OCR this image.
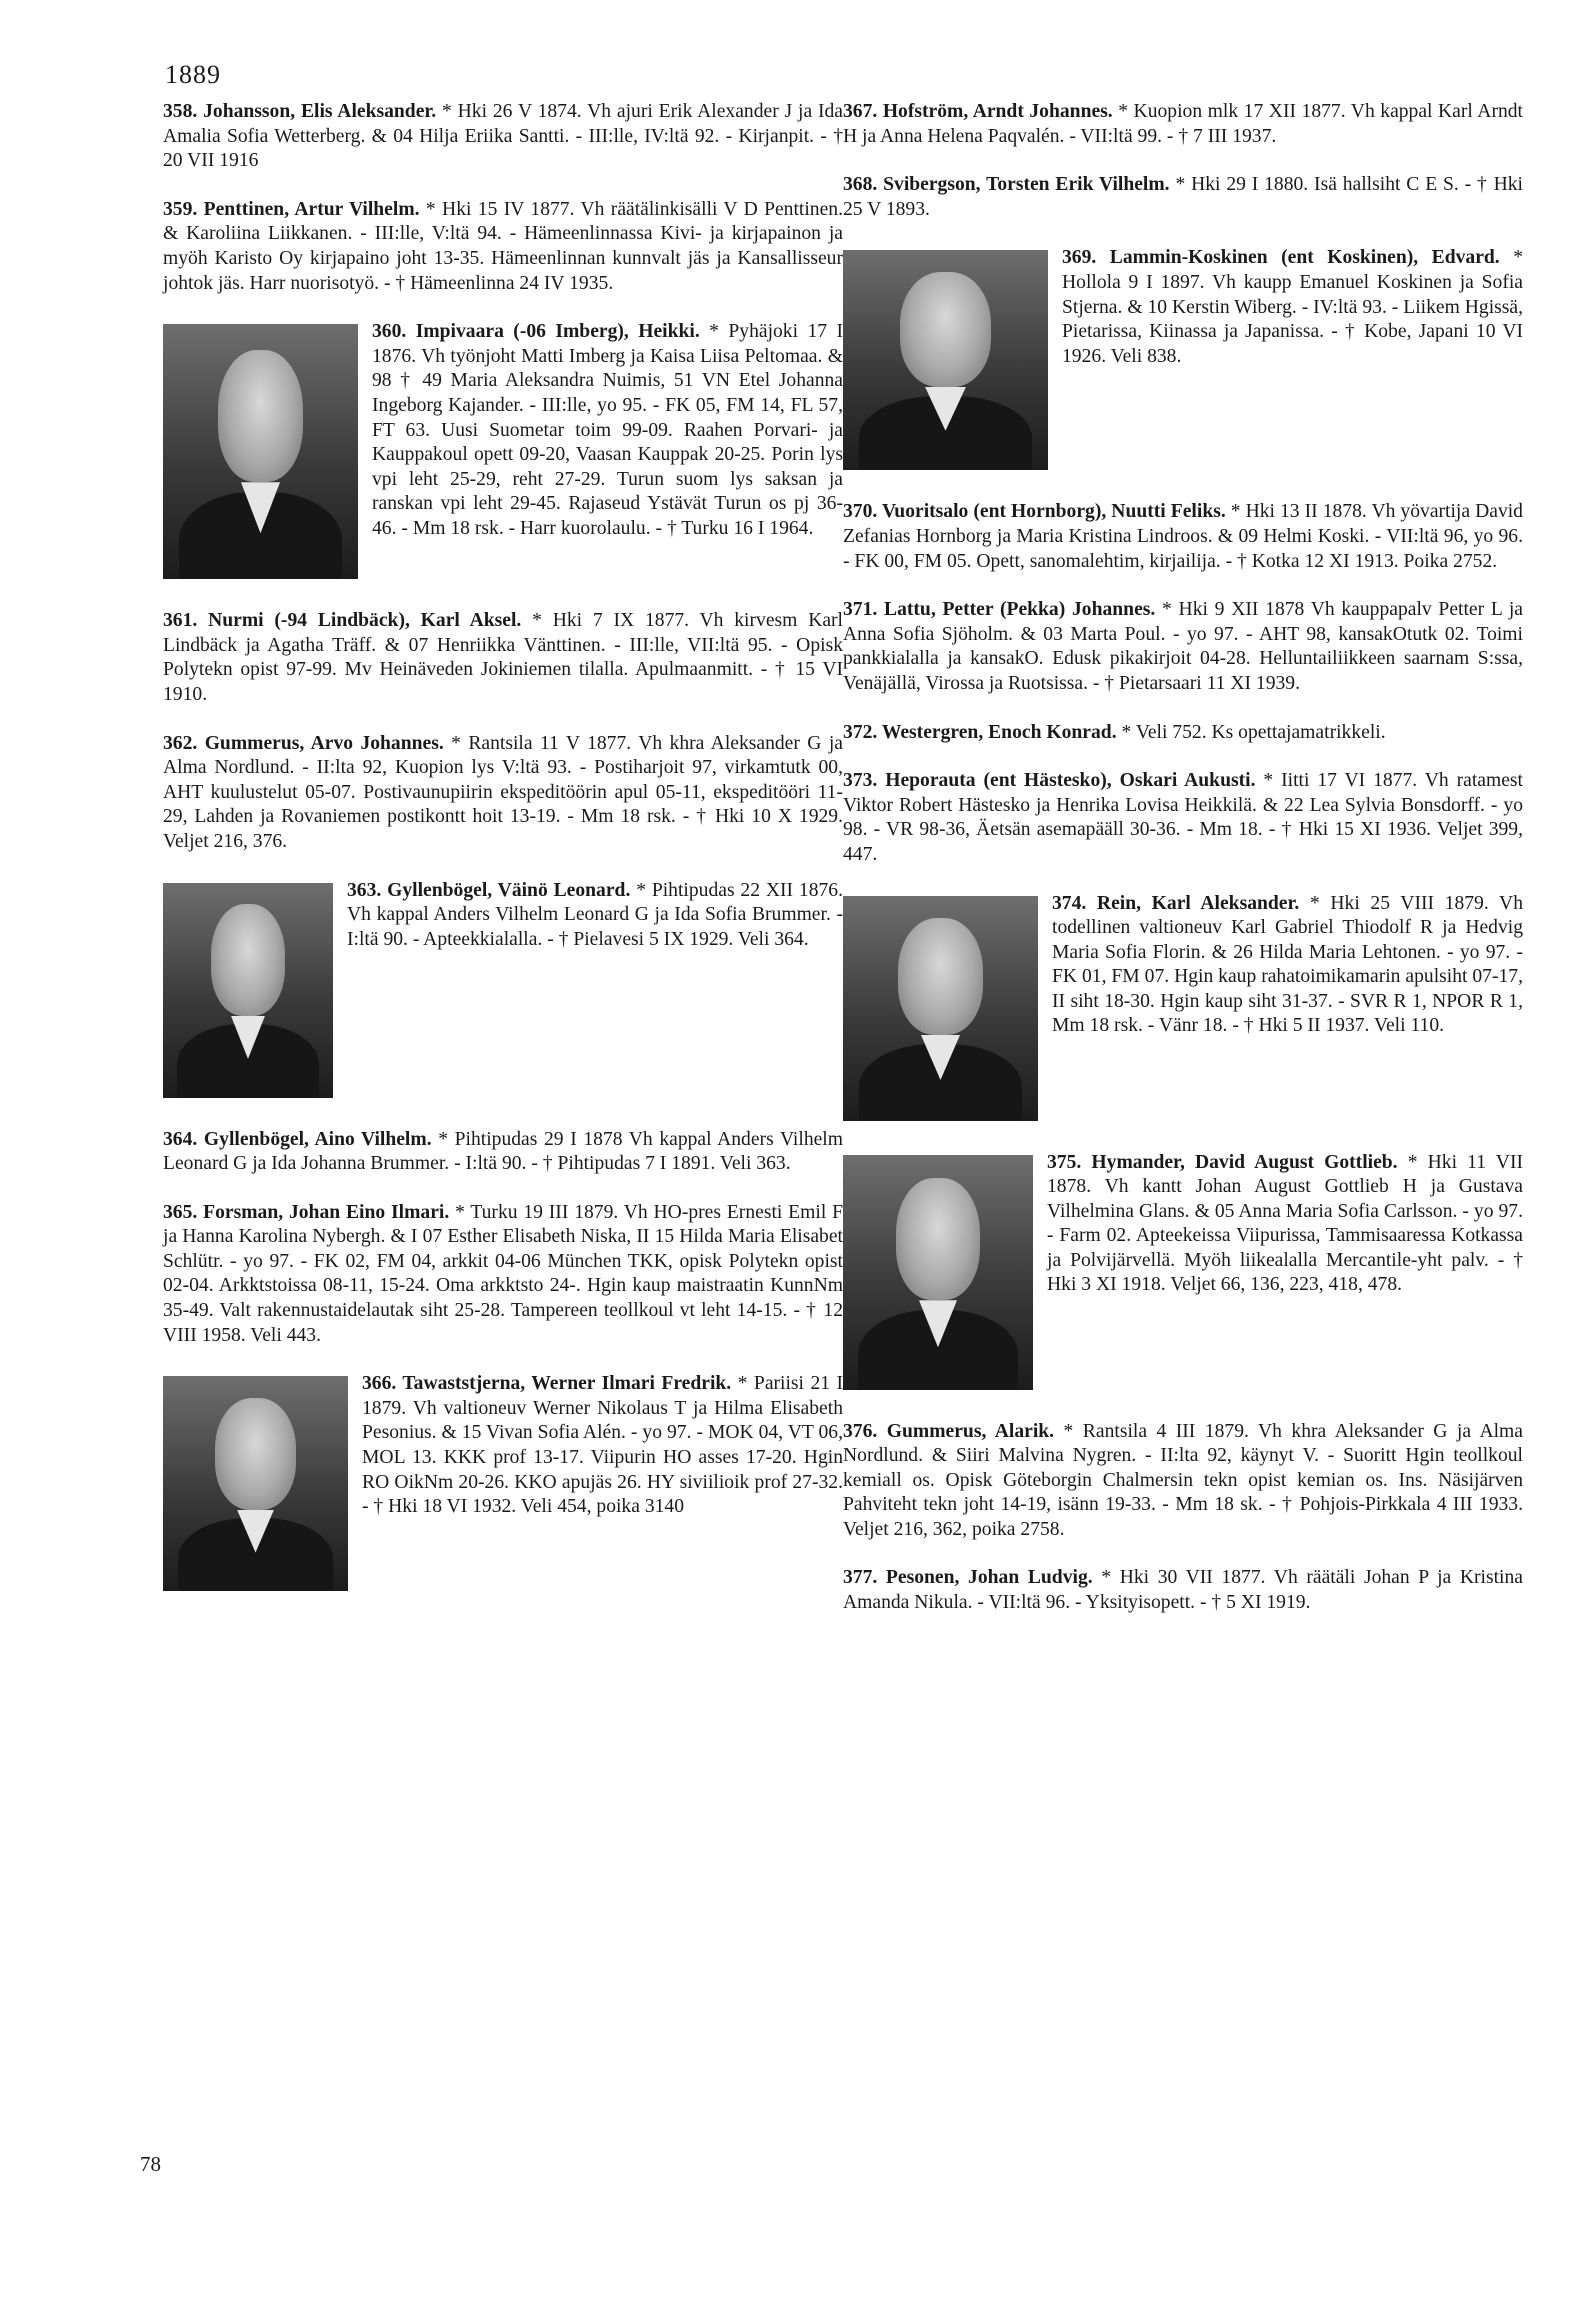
1889
358. Johansson, Elis Aleksander. * Hki 26 V 1874. Vh ajuri Erik Alexander J ja Ida Amalia Sofia Wetterberg. & 04 Hilja Eriika Santti. - III:lle, IV:ltä 92. - Kirjanpit. - † 20 VII 1916
359. Penttinen, Artur Vilhelm. * Hki 15 IV 1877. Vh räätälinkisälli V D Penttinen. & Karoliina Liikkanen. - III:lle, V:ltä 94. - Hämeenlinnassa Kivi- ja kirjapainon ja myöh Karisto Oy kirjapaino joht 13-35. Hämeenlinnan kunnvalt jäs ja Kansallisseur johtok jäs. Harr nuorisotyö. - † Hämeenlinna 24 IV 1935.
360. Impivaara (-06 Imberg), Heikki.
* Pyhäjoki 17 I 1876. Vh työnjoht Matti Imberg ja Kaisa Liisa Peltomaa. & 98 † 49 Maria Aleksandra Nuimis, 51 VN Etel Johanna Ingeborg Kajander. - III:lle, yo 95. - FK 05, FM 14, FL 57, FT 63. Uusi Suometar toim 99-09. Raahen Porvari- ja Kauppakoul opett 09-20, Vaasan Kauppak 20-25. Porin lys vpi leht 25-29, reht 27-29. Turun suom lys saksan ja ranskan vpi leht 29-45. Rajaseud Ystävät Turun os pj 36-46. - Mm 18 rsk. - Harr kuorolaulu. - † Turku 16 I 1964.
361. Nurmi (-94 Lindbäck), Karl Aksel. * Hki 7 IX 1877. Vh kirvesm Karl Lindbäck ja Agatha Träff. & 07 Henriikka Vänttinen. - III:lle, VII:ltä 95. - Opisk Polytekn opist 97-99. Mv Heinäveden Jokiniemen tilalla. Apulmaanmitt. - † 15 VI 1910.
362. Gummerus, Arvo Johannes. * Rantsila 11 V 1877. Vh khra Aleksander G ja Alma Nordlund. - II:lta 92, Kuopion lys V:ltä 93. - Postiharjoit 97, virkamtutk 00, AHT kuulustelut 05-07. Postivaunupiirin ekspeditöörin apul 05-11, ekspeditööri 11-29, Lahden ja Rovaniemen postikontt hoit 13-19. - Mm 18 rsk. - † Hki 10 X 1929. Veljet 216, 376.
363. Gyllenbögel, Väinö Leonard.
* Pihtipudas 22 XII 1876. Vh kappal Anders Vilhelm Leonard G ja Ida Sofia Brummer. - I:ltä 90. - Apteekkialalla. - † Pielavesi 5 IX 1929. Veli 364.
364. Gyllenbögel, Aino Vilhelm. * Pihtipudas 29 I 1878 Vh kappal Anders Vilhelm Leonard G ja Ida Johanna Brummer. - I:ltä 90. - † Pihtipudas 7 I 1891. Veli 363.
365. Forsman, Johan Eino Ilmari. * Turku 19 III 1879. Vh HO-pres Ernesti Emil F ja Hanna Karolina Nybergh. & I 07 Esther Elisabeth Niska, II 15 Hilda Maria Elisabet Schlütr. - yo 97. - FK 02, FM 04, arkkit 04-06 München TKK, opisk Polytekn opist 02-04. Arkktstoissa 08-11, 15-24. Oma arkktsto 24-. Hgin kaup maistraatin KunnNm 35-49. Valt rakennustaidelautak siht 25-28. Tampereen teollkoul vt leht 14-15. - † 12 VIII 1958. Veli 443.
366. Tawaststjerna, Werner Ilmari Fredrik.
* Pariisi 21 I 1879. Vh valtioneuv Werner Nikolaus T ja Hilma Elisabeth Pesonius. & 15 Vivan Sofia Alén. - yo 97. - MOK 04, VT 06, MOL 13. KKK prof 13-17. Viipurin HO asses 17-20. Hgin RO OikNm 20-26. KKO apujäs 26. HY siviilioik prof 27-32. - † Hki 18 VI 1932. Veli 454, poika 3140
367. Hofström, Arndt Johannes. * Kuopion mlk 17 XII 1877. Vh kappal Karl Arndt H ja Anna Helena Paqvalén. - VII:ltä 99. - † 7 III 1937.
368. Svibergson, Torsten Erik Vilhelm. * Hki 29 I 1880. Isä hallsiht C E S. - † Hki 25 V 1893.
369. Lammin-Koskinen (ent Koskinen), Edvard.
* Hollola 9 I 1897. Vh kaupp Emanuel Koskinen ja Sofia Stjerna. & 10 Kerstin Wiberg. - IV:ltä 93. - Liikem Hgissä, Pietarissa, Kiinassa ja Japanissa. - † Kobe, Japani 10 VI 1926. Veli 838.
370. Vuoritsalo (ent Hornborg), Nuutti Feliks. * Hki 13 II 1878. Vh yövartija David Zefanias Hornborg ja Maria Kristina Lindroos. & 09 Helmi Koski. - VII:ltä 96, yo 96. - FK 00, FM 05. Opett, sanomalehtim, kirjailija. - † Kotka 12 XI 1913. Poika 2752.
371. Lattu, Petter (Pekka) Johannes. * Hki 9 XII 1878 Vh kauppapalv Petter L ja Anna Sofia Sjöholm. & 03 Marta Poul. - yo 97. - AHT 98, kansakOtutk 02. Toimi pankkialalla ja kansakO. Edusk pikakirjoit 04-28. Helluntailiikkeen saarnam S:ssa, Venäjällä, Virossa ja Ruotsissa. - † Pietarsaari 11 XI 1939.
372. Westergren, Enoch Konrad. * Veli 752. Ks opettajamatrikkeli.
373. Heporauta (ent Hästesko), Oskari Aukusti. * Iitti 17 VI 1877. Vh ratamest Viktor Robert Hästesko ja Henrika Lovisa Heikkilä. & 22 Lea Sylvia Bonsdorff. - yo 98. - VR 98-36, Äetsän asemapääll 30-36. - Mm 18. - † Hki 15 XI 1936. Veljet 399, 447.
374. Rein, Karl Aleksander.
* Hki 25 VIII 1879. Vh todellinen valtioneuv Karl Gabriel Thiodolf R ja Hedvig Maria Sofia Florin. & 26 Hilda Maria Lehtonen. - yo 97. - FK 01, FM 07. Hgin kaup rahatoimikamarin apulsiht 07-17, II siht 18-30. Hgin kaup siht 31-37. - SVR R 1, NPOR R 1, Mm 18 rsk. - Vänr 18. - † Hki 5 II 1937. Veli 110.
375. Hymander, David August Gottlieb.
* Hki 11 VII 1878. Vh kantt Johan August Gottlieb H ja Gustava Vilhelmina Glans. & 05 Anna Maria Sofia Carlsson. - yo 97. - Farm 02. Apteekeissa Viipurissa, Tammisaaressa Kotkassa ja Polvijärvellä. Myöh liikealalla Mercantile-yht palv. - † Hki 3 XI 1918. Veljet 66, 136, 223, 418, 478.
376. Gummerus, Alarik. * Rantsila 4 III 1879. Vh khra Aleksander G ja Alma Nordlund. & Siiri Malvina Nygren. - II:lta 92, käynyt V. - Suoritt Hgin teollkoul kemiall os. Opisk Göteborgin Chalmersin tekn opist kemian os. Ins. Näsijärven Pahviteht tekn joht 14-19, isänn 19-33. - Mm 18 sk. - † Pohjois-Pirkkala 4 III 1933. Veljet 216, 362, poika 2758.
377. Pesonen, Johan Ludvig. * Hki 30 VII 1877. Vh räätäli Johan P ja Kristina Amanda Nikula. - VII:ltä 96. - Yksityisopett. - † 5 XI 1919.
78
